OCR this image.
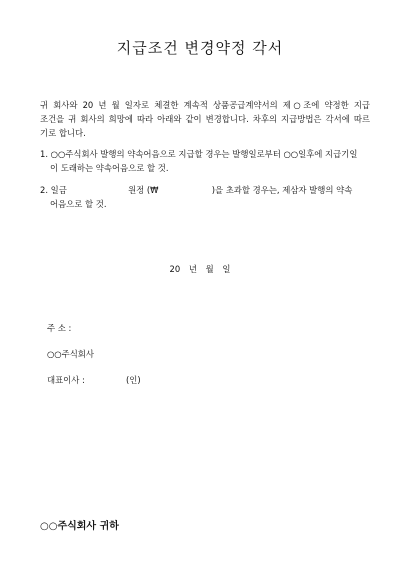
지급조건 변경약정 각서
귀 회사와 20 년 월 일자로 체결한 계속적 상품공급계약서의 제○조에 약정한 지급
조건을 귀 회사의 희망에 따라 아래와 같이 변경합니다. 차후의 지급방법은 각서에 따르
기로 합니다.
1. ○○주식회사 발행의 약속어음으로 지급할 경우는 발행일로부터 ○○일후에 지급기일
이 도래하는 약속어음으로 할 것.
2. 일금                       원정 (₩                    )을 초과할 경우는, 제삼자 발행의 약속
어음으로 할 것.
20 년 월 일
주 소 :
○○주식회사
대표이사 :	(인)
○○주식회사 귀하
